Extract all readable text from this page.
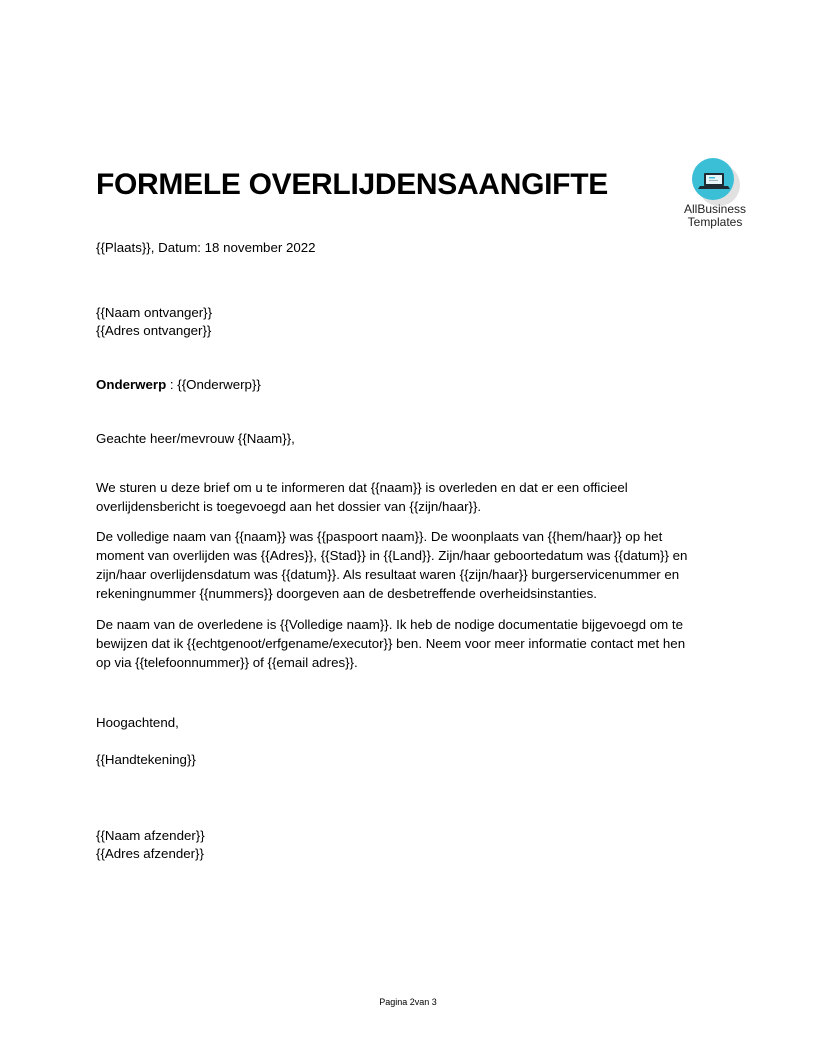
FORMELE OVERLIJDENSAANGIFTE
AllBusiness
Templates
{{Plaats}}, Datum: 18 november 2022
{{Naam ontvanger}}
{{Adres ontvanger}}
Onderwerp : {{Onderwerp}}
Geachte heer/mevrouw {{Naam}},
We sturen u deze brief om u te informeren dat {{naam}} is overleden en dat er een officieel
overlijdensbericht is toegevoegd aan het dossier van {{zijn/haar}}.
De volledige naam van {{naam}} was {{paspoort naam}}. De woonplaats van {{hem/haar}} op het
moment van overlijden was {{Adres}}, {{Stad}} in {{Land}}. Zijn/haar geboortedatum was {{datum}} en
zijn/haar overlijdensdatum was {{datum}}. Als resultaat waren {{zijn/haar}} burgerservicenummer en
rekeningnummer {{nummers}} doorgeven aan de desbetreffende overheidsinstanties.
De naam van de overledene is {{Volledige naam}}. Ik heb de nodige documentatie bijgevoegd om te
bewijzen dat ik {{echtgenoot/erfgename/executor}} ben. Neem voor meer informatie contact met hen
op via {{telefoonnummer}} of {{email adres}}.
Hoogachtend,
{{Handtekening}}
{{Naam afzender}}
{{Adres afzender}}
Pagina 2van 3
